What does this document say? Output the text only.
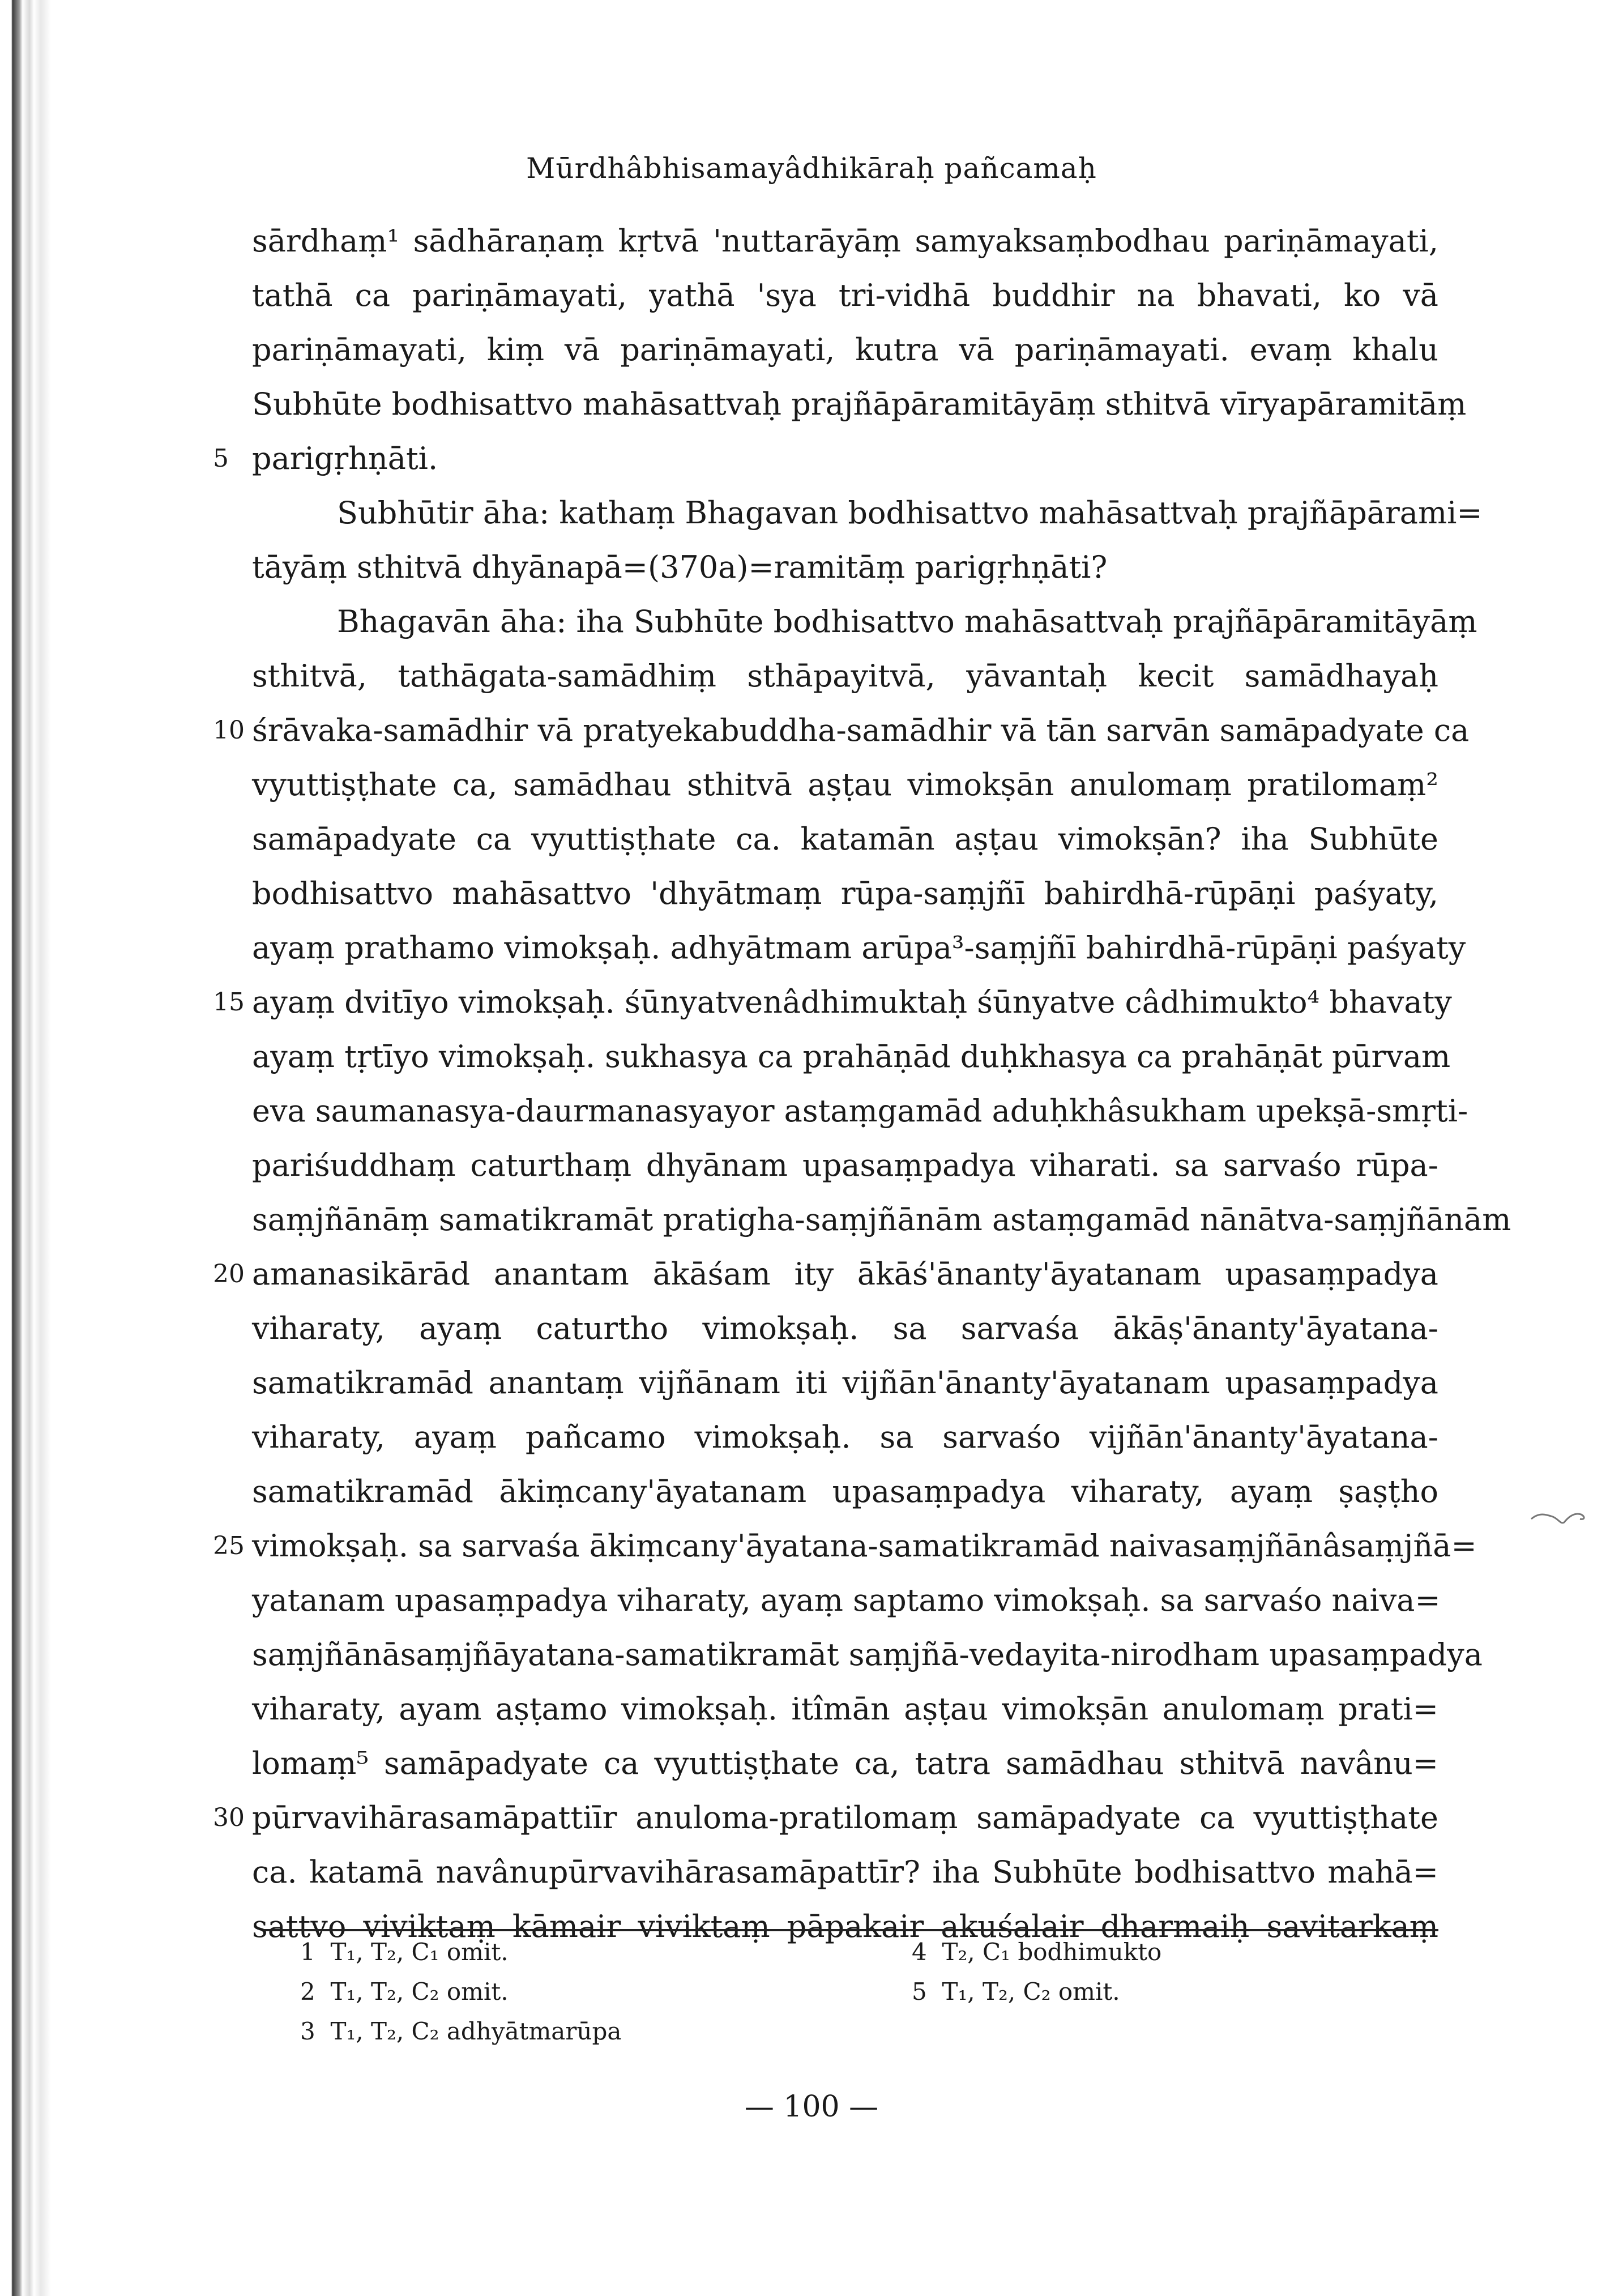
Mūrdhâbhisamayâdhikāraḥ pañcamaḥ
sārdhaṃ¹ sādhāraṇaṃ kṛtvā 'nuttarāyāṃ samyaksaṃbodhau pariṇāmayati,
tathā ca pariṇāmayati, yathā 'sya tri-vidhā buddhir na bhavati, ko vā
pariṇāmayati, kiṃ vā pariṇāmayati, kutra vā pariṇāmayati. evaṃ khalu
Subhūte bodhisattvo mahāsattvaḥ prajñāpāramitāyāṃ sthitvā vīryapāramitāṃ
parigṛhṇāti.
5
Subhūtir āha: kathaṃ Bhagavan bodhisattvo mahāsattvaḥ prajñāpārami=
tāyāṃ sthitvā dhyānapā=(370a)=ramitāṃ parigṛhṇāti?
Bhagavān āha: iha Subhūte bodhisattvo mahāsattvaḥ prajñāpāramitāyāṃ
sthitvā, tathāgata-samādhiṃ sthāpayitvā, yāvantaḥ kecit samādhayaḥ
śrāvaka-samādhir vā pratyekabuddha-samādhir vā tān sarvān samāpadyate ca
10
vyuttiṣṭhate ca, samādhau sthitvā aṣṭau vimokṣān anulomaṃ pratilomaṃ²
samāpadyate ca vyuttiṣṭhate ca. katamān aṣṭau vimokṣān? iha Subhūte
bodhisattvo mahāsattvo 'dhyātmaṃ rūpa-saṃjñī bahirdhā-rūpāṇi paśyaty,
ayaṃ prathamo vimokṣaḥ. adhyātmam arūpa³-saṃjñī bahirdhā-rūpāṇi paśyaty
ayaṃ dvitīyo vimokṣaḥ. śūnyatvenâdhimuktaḥ śūnyatve câdhimukto⁴ bhavaty
15
ayaṃ tṛtīyo vimokṣaḥ. sukhasya ca prahāṇād duḥkhasya ca prahāṇāt pūrvam
eva saumanasya-daurmanasyayor astaṃgamād aduḥkhâsukham upekṣā-smṛti-
pariśuddhaṃ caturthaṃ dhyānam upasaṃpadya viharati. sa sarvaśo rūpa-
saṃjñānāṃ samatikramāt pratigha-saṃjñānām astaṃgamād nānātva-saṃjñānām
amanasikārād anantam ākāśam ity ākāś'ānanty'āyatanam upasaṃpadya
20
viharaty, ayaṃ caturtho vimokṣaḥ. sa sarvaśa ākāṣ'ānanty'āyatana-
samatikramād anantaṃ vijñānam iti vijñān'ānanty'āyatanam upasaṃpadya
viharaty, ayaṃ pañcamo vimokṣaḥ. sa sarvaśo vijñān'ānanty'āyatana-
samatikramād ākiṃcany'āyatanam upasaṃpadya viharaty, ayaṃ ṣaṣṭho
vimokṣaḥ. sa sarvaśa ākiṃcany'āyatana-samatikramād naivasaṃjñānâsaṃjñā=
25
yatanam upasaṃpadya viharaty, ayaṃ saptamo vimokṣaḥ. sa sarvaśo naiva=
saṃjñānāsaṃjñāyatana-samatikramāt saṃjñā-vedayita-nirodham upasaṃpadya
viharaty, ayam aṣṭamo vimokṣaḥ. itîmān aṣṭau vimokṣān anulomaṃ prati=
lomaṃ⁵ samāpadyate ca vyuttiṣṭhate ca, tatra samādhau sthitvā navânu=
pūrvavihārasamāpattiīr anuloma-pratilomaṃ samāpadyate ca vyuttiṣṭhate
30
ca. katamā navânupūrvavihārasamāpattīr? iha Subhūte bodhisattvo mahā=
sattvo viviktaṃ kāmair viviktaṃ pāpakair akuśalair dharmaiḥ savitarkaṃ
1 T₁, T₂, C₁ omit.
2 T₁, T₂, C₂ omit.
3 T₁, T₂, C₂ adhyātmarūpa
4 T₂, C₁ bodhimukto
5 T₁, T₂, C₂ omit.
— 100 —
